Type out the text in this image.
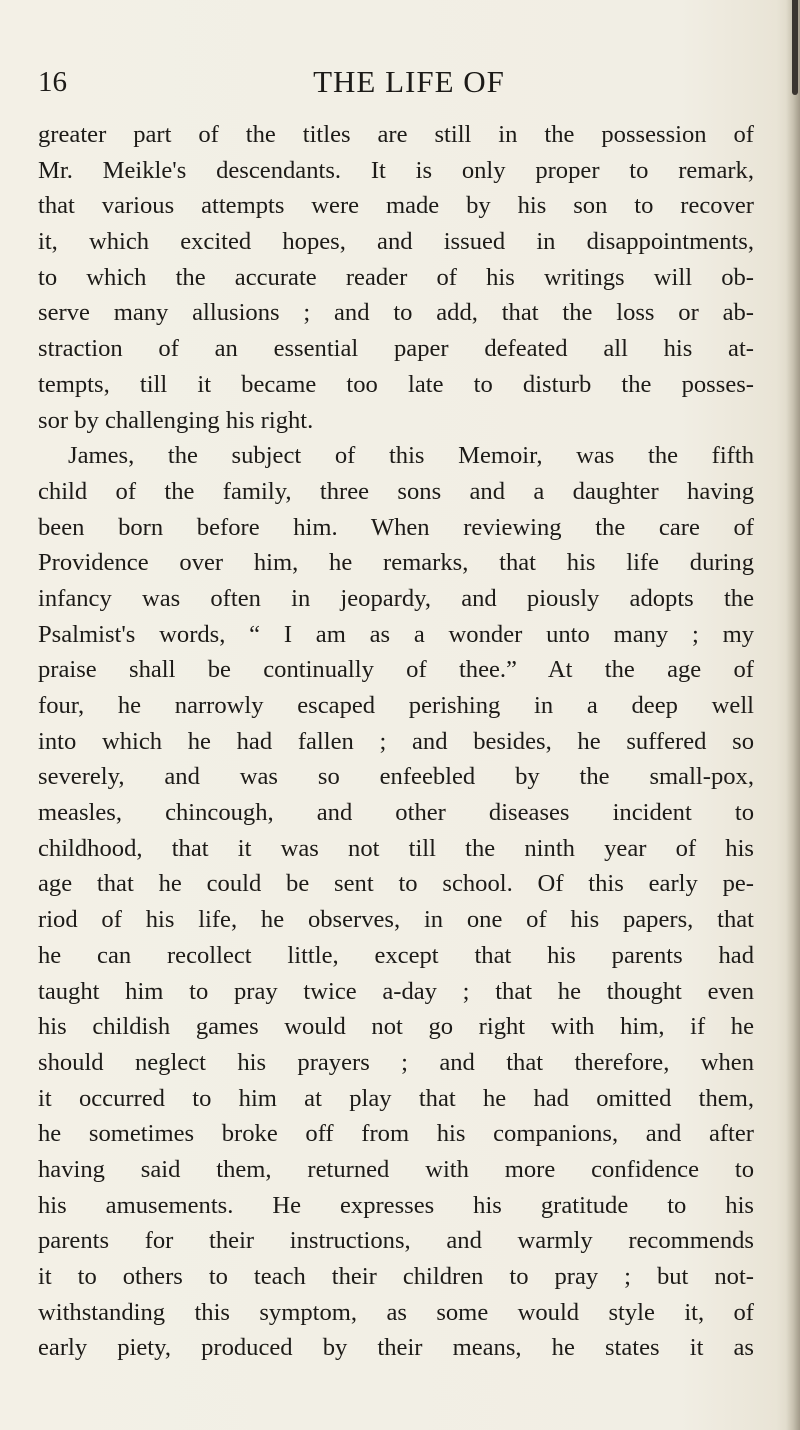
16	THE LIFE OF
greater part of the titles are still in the possession of
Mr. Meikle's descendants. It is only proper to remark,
that various attempts were made by his son to recover
it, which excited hopes, and issued in disappointments,
to which the accurate reader of his writings will ob-
serve many allusions ; and to add, that the loss or ab-
straction of an essential paper defeated all his at-
tempts, till it became too late to disturb the posses-
sor by challenging his right.
James, the subject of this Memoir, was the fifth
child of the family, three sons and a daughter having
been born before him. When reviewing the care of
Providence over him, he remarks, that his life during
infancy was often in jeopardy, and piously adopts the
Psalmist's words, “ I am as a wonder unto many ; my
praise shall be continually of thee.” At the age of
four, he narrowly escaped perishing in a deep well
into which he had fallen ; and besides, he suffered so
severely, and was so enfeebled by the small-pox,
measles, chincough, and other diseases incident to
childhood, that it was not till the ninth year of his
age that he could be sent to school. Of this early pe-
riod of his life, he observes, in one of his papers, that
he can recollect little, except that his parents had
taught him to pray twice a-day ; that he thought even
his childish games would not go right with him, if he
should neglect his prayers ; and that therefore, when
it occurred to him at play that he had omitted them,
he sometimes broke off from his companions, and after
having said them, returned with more confidence to
his amusements. He expresses his gratitude to his
parents for their instructions, and warmly recommends
it to others to teach their children to pray ; but not-
withstanding this symptom, as some would style it, of
early piety, produced by their means, he states it as
